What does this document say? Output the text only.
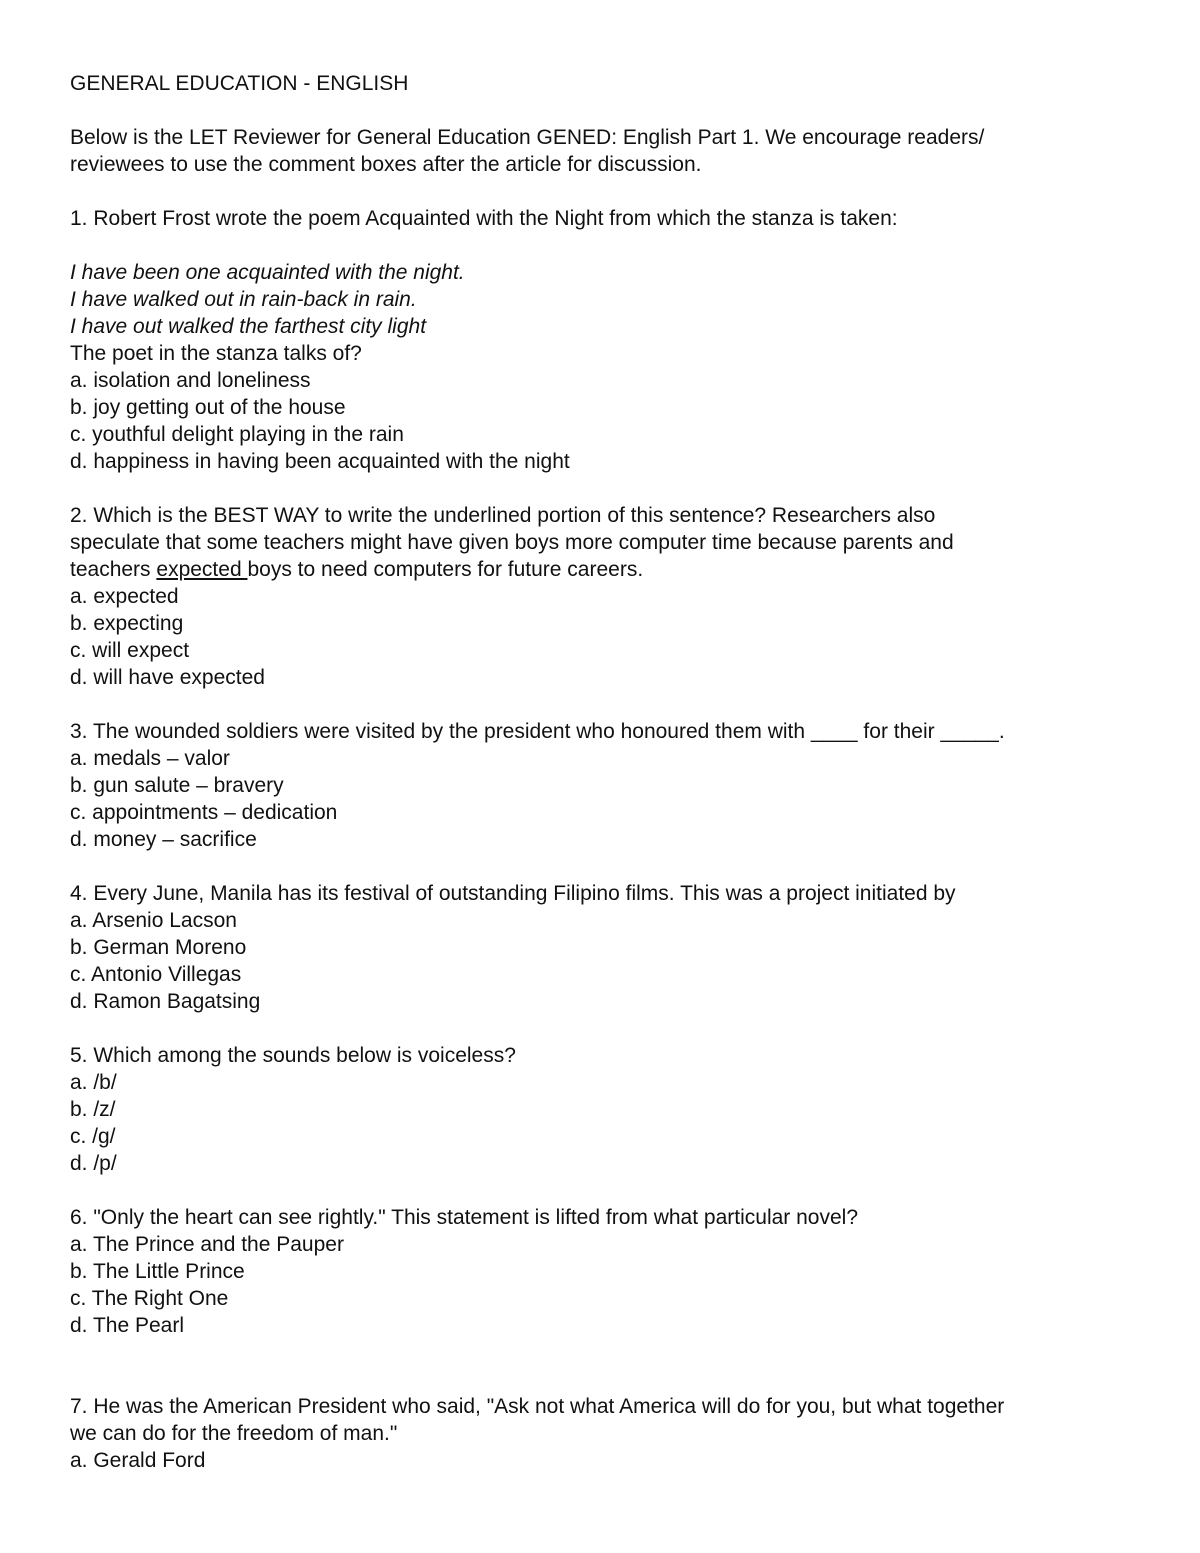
GENERAL EDUCATION - ENGLISH
Below is the LET Reviewer for General Education GENED: English Part 1. We encourage readers/
reviewees to use the comment boxes after the article for discussion.
1. Robert Frost wrote the poem Acquainted with the Night from which the stanza is taken:
I have been one acquainted with the night.
I have walked out in rain-back in rain.
I have out walked the farthest city light
The poet in the stanza talks of?
a. isolation and loneliness
b. joy getting out of the house
c. youthful delight playing in the rain
d. happiness in having been acquainted with the night
2. Which is the BEST WAY to write the underlined portion of this sentence? Researchers also
speculate that some teachers might have given boys more computer time because parents and
teachers expected boys to need computers for future careers.
a. expected
b. expecting
c. will expect
d. will have expected
3. The wounded soldiers were visited by the president who honoured them with ____ for their _____.
a. medals – valor
b. gun salute – bravery
c. appointments – dedication
d. money – sacrifice
4. Every June, Manila has its festival of outstanding Filipino films. This was a project initiated by
a. Arsenio Lacson
b. German Moreno
c. Antonio Villegas
d. Ramon Bagatsing
5. Which among the sounds below is voiceless?
a. /b/
b. /z/
c. /g/
d. /p/
6. "Only the heart can see rightly." This statement is lifted from what particular novel?
a. The Prince and the Pauper
b. The Little Prince
c. The Right One
d. The Pearl
7. He was the American President who said, "Ask not what America will do for you, but what together
we can do for the freedom of man."
a. Gerald Ford
